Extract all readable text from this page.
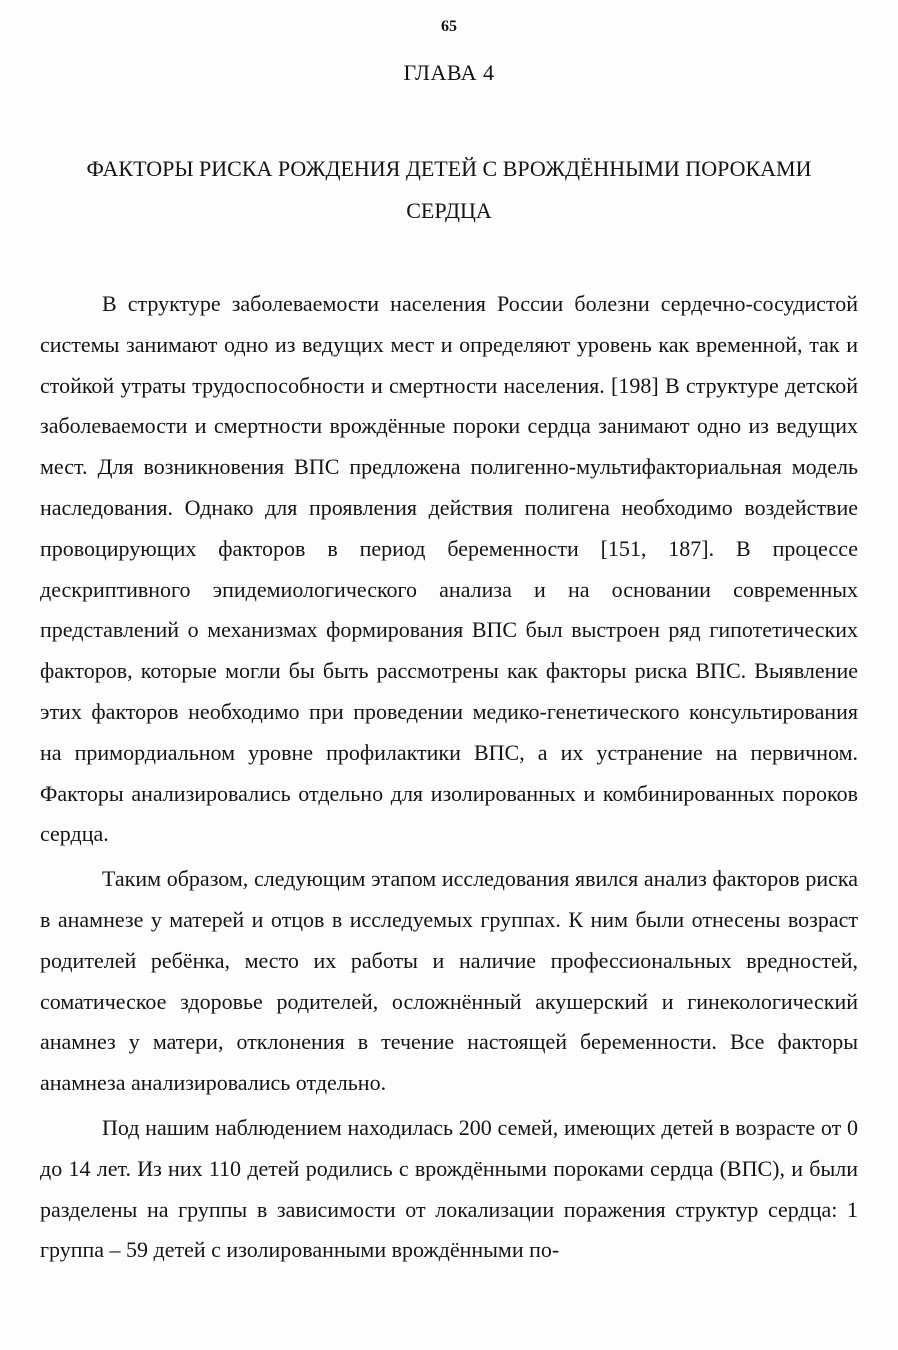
65
ГЛАВА 4
ФАКТОРЫ РИСКА РОЖДЕНИЯ ДЕТЕЙ С ВРОЖДЁННЫМИ ПОРОКАМИ
СЕРДЦА

В структуре заболеваемости населения России болезни сердечно-сосудистой системы занимают одно из ведущих мест и определяют уровень как временной, так и стойкой утраты трудоспособности и смертности населения. [198] В структуре детской заболеваемости и смертности врождённые пороки сердца занимают одно из ведущих мест. Для возникновения ВПС предложена полигенно-мультифакториальная модель наследования. Однако для проявления действия полигена необходимо воздействие провоцирующих факторов в период беременности [151, 187]. В процессе дескриптивного эпидемиологического анализа и на основании современных представлений о механизмах формирования ВПС был выстроен ряд гипотетических факторов, которые могли бы быть рассмотрены как факторы риска ВПС. Выявление этих факторов необходимо при проведении медико-генетического консультирования на примордиальном уровне профилактики ВПС, а их устранение на первичном. Факторы анализировались отдельно для изолированных и комбинированных пороков сердца.

Таким образом, следующим этапом исследования явился анализ факторов риска в анамнезе у матерей и отцов в исследуемых группах. К ним были отнесены возраст родителей ребёнка, место их работы и наличие профессиональных вредностей, соматическое здоровье родителей, осложнённый акушерский и гинекологический анамнез у матери, отклонения в течение настоящей беременности. Все факторы анамнеза анализировались отдельно.

Под нашим наблюдением находилась 200 семей, имеющих детей в возрасте от 0 до 14 лет. Из них 110 детей родились с врождёнными пороками сердца (ВПС), и были разделены на группы в зависимости от локализации поражения структур сердца: 1 группа – 59 детей с изолированными врождёнными по-
